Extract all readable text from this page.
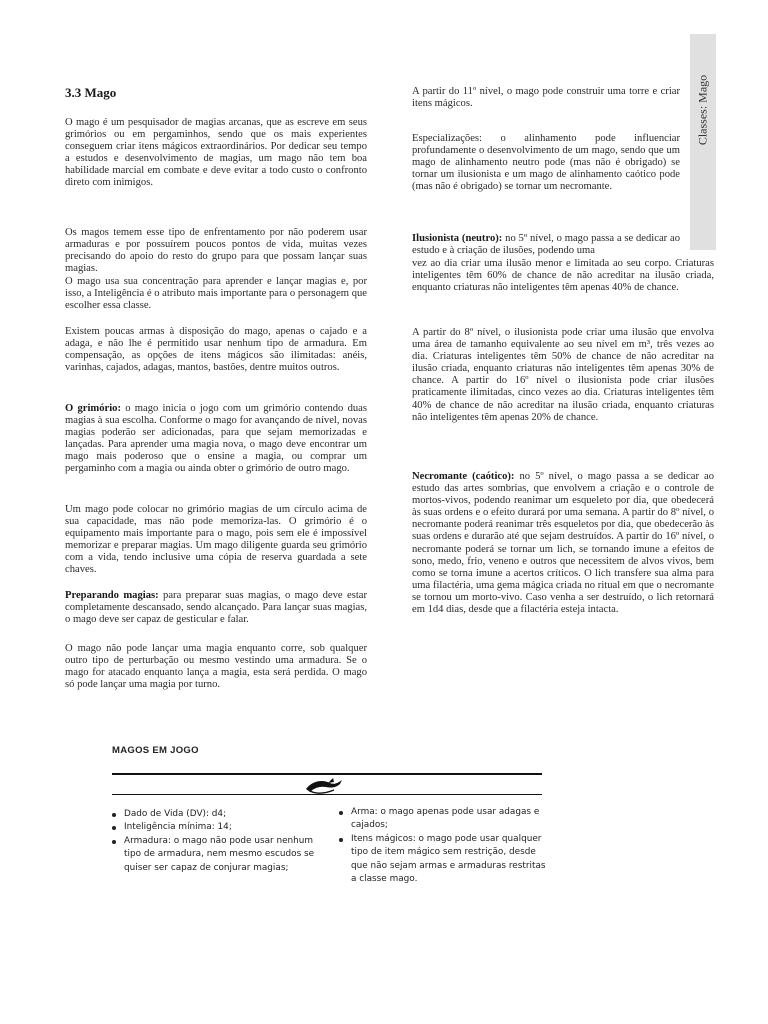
Classes: Mago
3.3 Mago

O mago é um pesquisador de magias arcanas, que as escreve em seus grimórios ou em pergaminhos, sendo que os mais experientes conseguem criar itens mágicos extraordinários. Por dedicar seu tempo a estudos e desenvolvimento de magias, um mago não tem boa habilidade marcial em combate e deve evitar a todo custo o confronto direto com inimigos.

Os magos temem esse tipo de enfrentamento por não poderem usar armaduras e por possuírem poucos pontos de vida, muitas vezes precisando do apoio do resto do grupo para que possam lançar suas magias.

O mago usa sua concentração para aprender e lançar magias e, por isso, a Inteligência é o atributo mais importante para o personagem que escolher essa classe.

Existem poucas armas à disposição do mago, apenas o cajado e a adaga, e não lhe é permitido usar nenhum tipo de armadura. Em compensação, as opções de itens mágicos são ilimitadas: anéis, varinhas, cajados, adagas, mantos, bastões, dentre muitos outros.

O grimório: o mago inicia o jogo com um grimório contendo duas magias à sua escolha. Conforme o mago for avançando de nível, novas magias poderão ser adicionadas, para que sejam memorizadas e lançadas. Para aprender uma magia nova, o mago deve encontrar um mago mais poderoso que o ensine a magia, ou comprar um pergaminho com a magia ou ainda obter o grimório de outro mago.

Um mago pode colocar no grimório magias de um círculo acima de sua capacidade, mas não pode memoriza-las. O grimório é o equipamento mais importante para o mago, pois sem ele é impossível memorizar e preparar magias. Um mago diligente guarda seu grimório com a vida, tendo inclusive uma cópia de reserva guardada a sete chaves.

Preparando magias: para preparar suas magias, o mago deve estar completamente descansado, sendo alcançado. Para lançar suas magias, o mago deve ser capaz de gesticular e falar.

O mago não pode lançar uma magia enquanto corre, sob qualquer outro tipo de perturbação ou mesmo vestindo uma armadura. Se o mago for atacado enquanto lança a magia, esta será perdida. O mago só pode lançar uma magia por turno.

A partir do 11º nível, o mago pode construir uma torre e criar itens mágicos.

Especializações: o alinhamento pode influenciar profundamente o desenvolvimento de um mago, sendo que um mago de alinhamento neutro pode (mas não é obrigado) se tornar um ilusionista e um mago de alinhamento caótico pode (mas não é obrigado) se tornar um necromante.

Ilusionista (neutro): no 5º nível, o mago passa a se dedicar ao estudo e à criação de ilusões, podendo uma

vez ao dia criar uma ilusão menor e limitada ao seu corpo. Criaturas inteligentes têm 60% de chance de não acreditar na ilusão criada, enquanto criaturas não inteligentes têm apenas 40% de chance.

A partir do 8º nível, o ilusionista pode criar uma ilusão que envolva uma área de tamanho equivalente ao seu nível em m³, três vezes ao dia. Criaturas inteligentes têm 50% de chance de não acreditar na ilusão criada, enquanto criaturas não inteligentes têm apenas 30% de chance. A partir do 16º nível o ilusionista pode criar ilusões praticamente ilimitadas, cinco vezes ao dia. Criaturas inteligentes têm 40% de chance de não acreditar na ilusão criada, enquanto criaturas não inteligentes têm apenas 20% de chance.

Necromante (caótico): no 5º nível, o mago passa a se dedicar ao estudo das artes sombrias, que envolvem a criação e o controle de mortos-vivos, podendo reanimar um esqueleto por dia, que obedecerá às suas ordens e o efeito durará por uma semana. A partir do 8º nível, o necromante poderá reanimar três esqueletos por dia, que obedecerão às suas ordens e durarão até que sejam destruídos. A partir do 16º nível, o necromante poderá se tornar um lich, se tornando imune a efeitos de sono, medo, frio, veneno e outros que necessitem de alvos vivos, bem como se torna imune a acertos críticos. O lich transfere sua alma para uma filactéria, uma gema mágica criada no ritual em que o necromante se tornou um morto-vivo. Caso venha a ser destruído, o lich retornará em 1d4 dias, desde que a filactéria esteja intacta.

MAGOS EM JOGO
Dado de Vida (DV): d4;
Inteligência mínima: 14;
Armadura: o mago não pode usar nenhum tipo de armadura, nem mesmo escudos se quiser ser capaz de conjurar magias;
Arma: o mago apenas pode usar adagas e cajados;
Itens mágicos: o mago pode usar qualquer tipo de item mágico sem restrição, desde que não sejam armas e armaduras restritas a classe mago.
